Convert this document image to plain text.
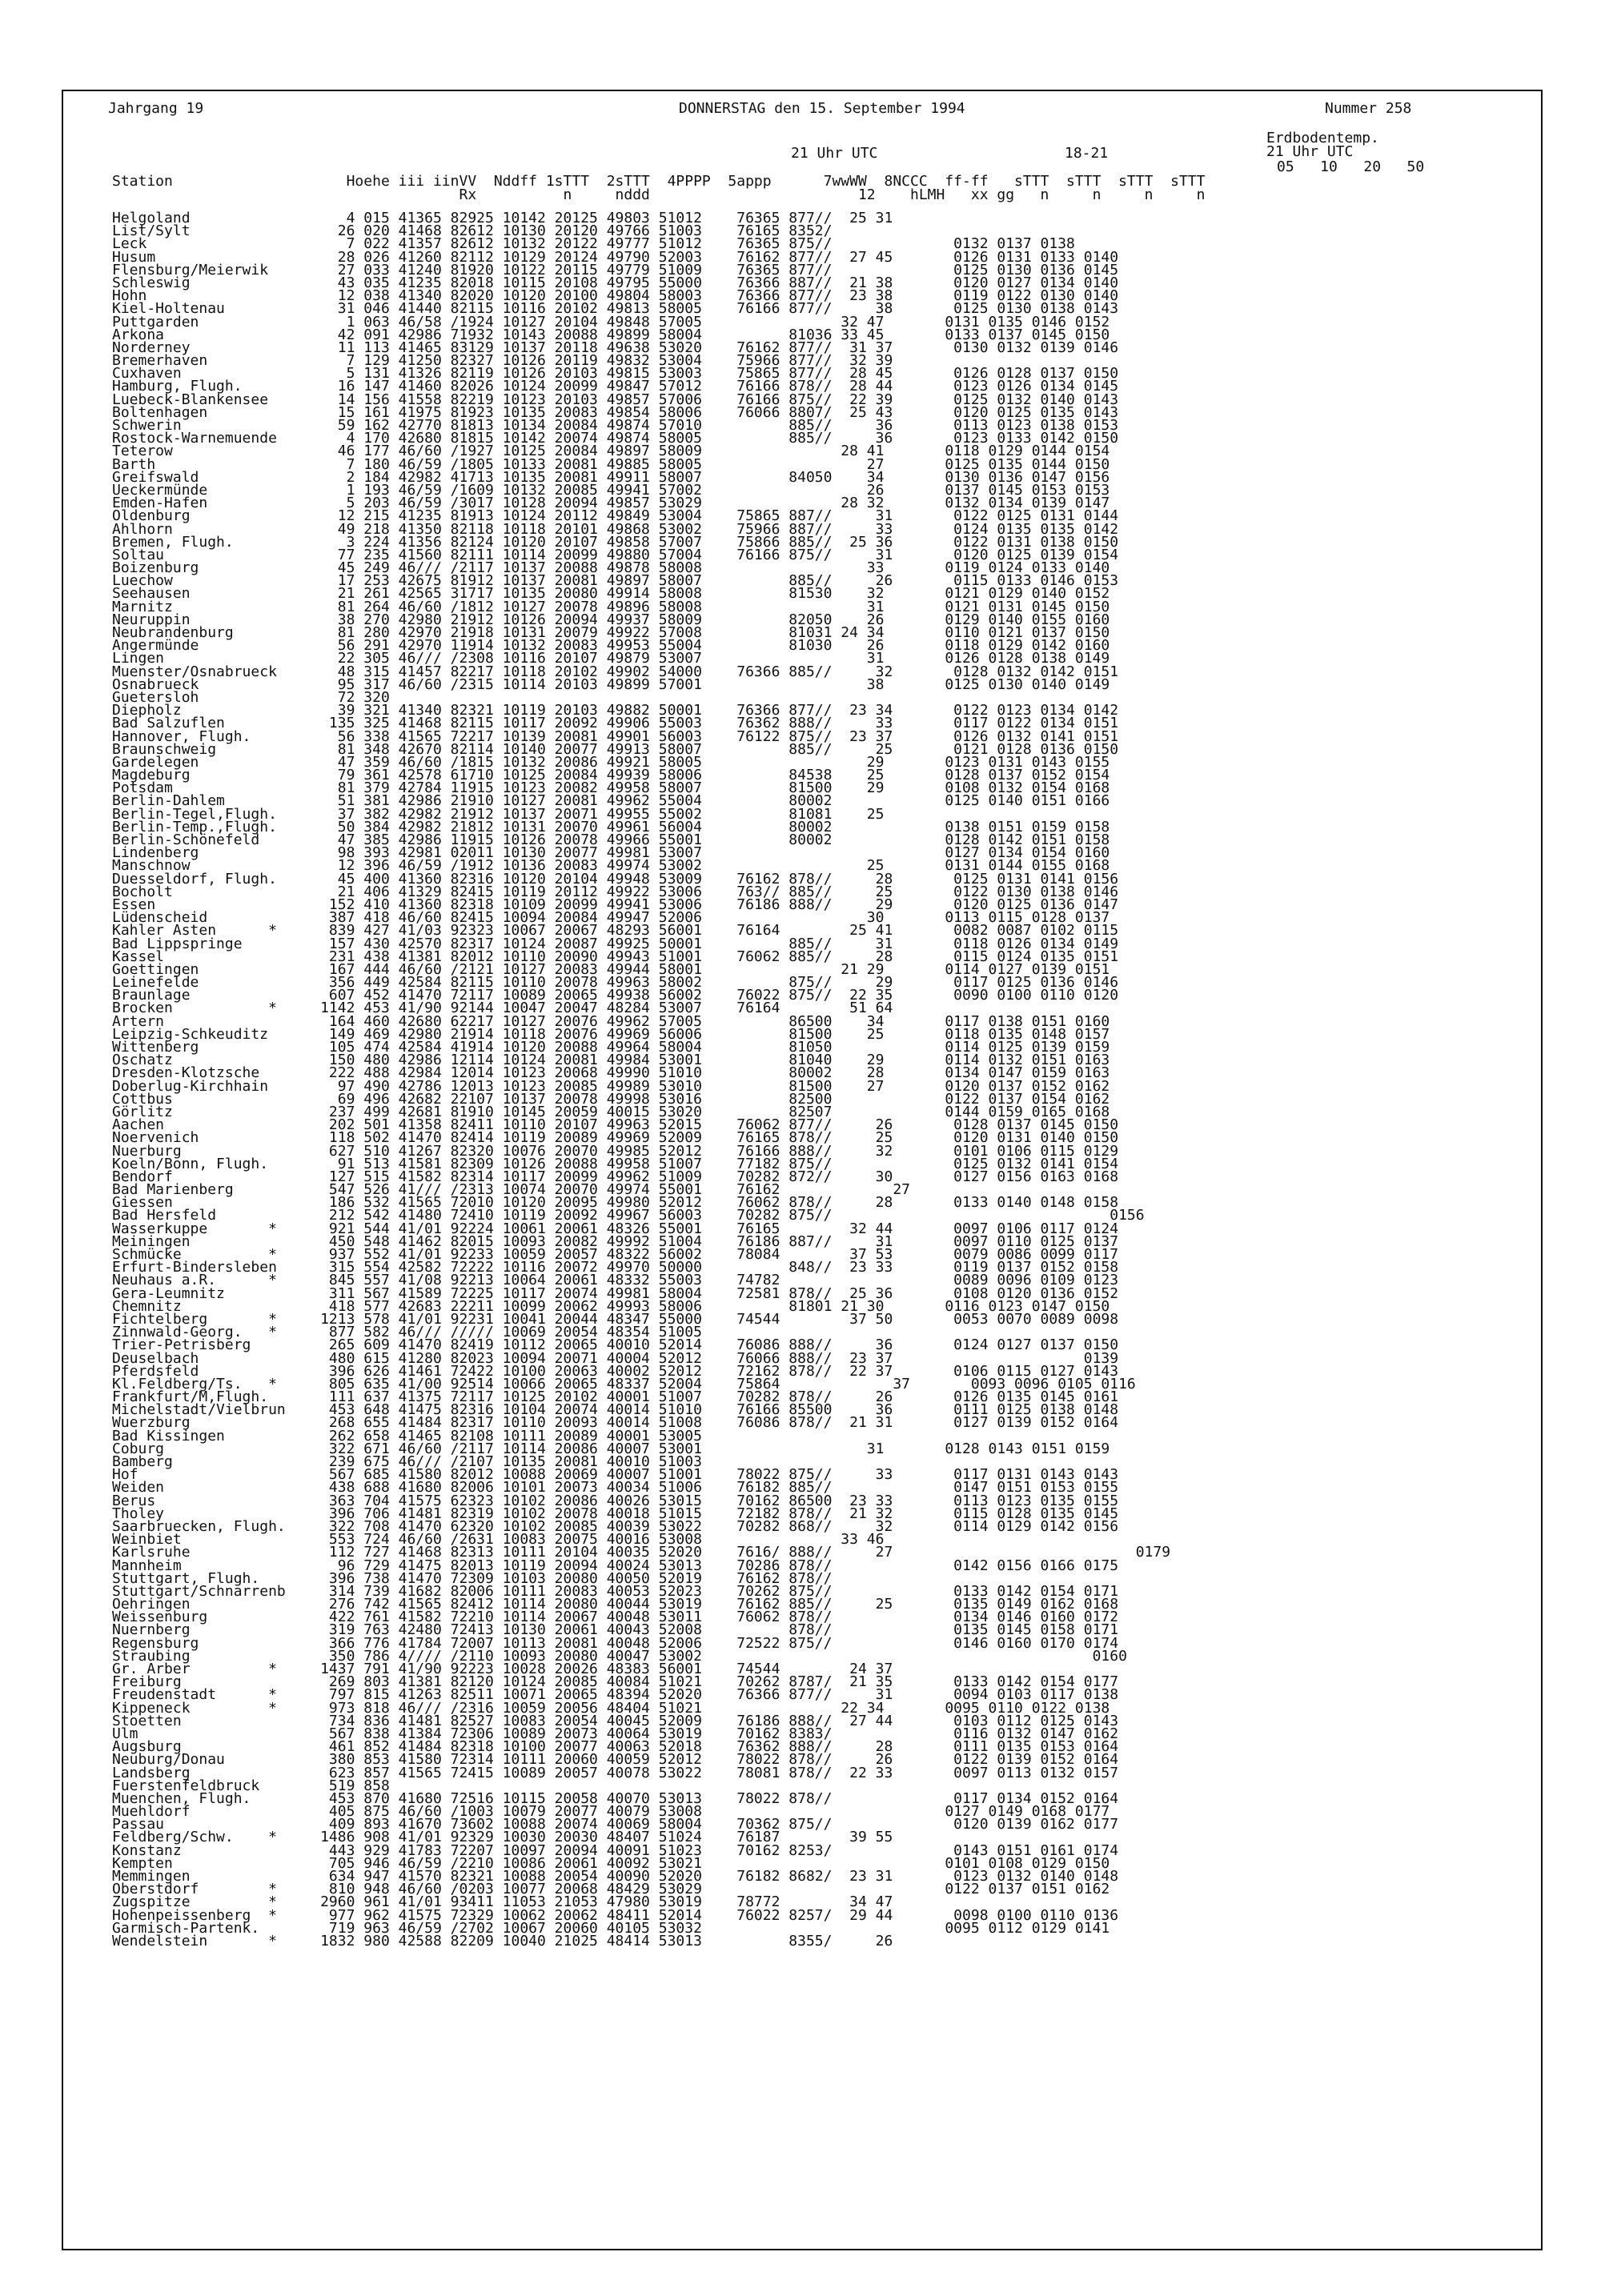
Jahrgang 19	DONNERSTAG den 15. September 1994	Nummer 258
Erdbodentemp.
21 Uhr UTC
21 Uhr UTC	18-21
05   10   20   50
Station                    Hoehe iii iinVV  Nddff 1sTTT  2sTTT  4PPPP  5appp      7wwWW  8NCCC  ff-ff   sTTT  sTTT  sTTT  sTTT
Rx          n     nddd                        12    hLMH   xx gg   n     n     n     n
Helgoland                  4 015 41365 82925 10142 20125 49803 51012    76365 877//  25 31
List/Sylt                 26 020 41468 82612 10130 20120 49766 51003    76165 8352/
Leck                       7 022 41357 82612 10132 20122 49777 51012    76365 875//              0132 0137 0138
Husum                     28 026 41260 82112 10129 20124 49790 52003    76162 877//  27 45       0126 0131 0133 0140
Flensburg/Meierwik        27 033 41240 81920 10122 20115 49779 51009    76365 877//              0125 0130 0136 0145
Schleswig                 43 035 41235 82018 10115 20108 49795 55000    76366 887//  21 38       0120 0127 0134 0140
Hohn                      12 038 41340 82020 10120 20100 49804 58003    76366 877//  23 38       0119 0122 0130 0140
Kiel-Holtenau             31 046 41440 82115 10116 20102 49813 58005    76166 877//     38       0125 0130 0138 0143
Puttgarden                 1 063 46/58 /1924 10127 20104 49848 57005                32 47       0131 0135 0146 0152
Arkona                    42 091 42986 71932 10143 20088 49899 58004          81036 33 45       0133 0137 0145 0150
Norderney                 11 113 41465 83129 10137 20118 49638 53020    76162 877//  31 37       0130 0132 0139 0146
Bremerhaven                7 129 41250 82327 10126 20119 49832 53004    75966 877//  32 39
Cuxhaven                   5 131 41326 82119 10126 20103 49815 53003    75865 877//  28 45       0126 0128 0137 0150
Hamburg, Flugh.           16 147 41460 82026 10124 20099 49847 57012    76166 878//  28 44       0123 0126 0134 0145
Luebeck-Blankensee        14 156 41558 82219 10123 20103 49857 57006    76166 875//  22 39       0125 0132 0140 0143
Boltenhagen               15 161 41975 81923 10135 20083 49854 58006    76066 8807/  25 43       0120 0125 0135 0143
Schwerin                  59 162 42770 81813 10134 20084 49874 57010          885//     36       0113 0123 0138 0153
Rostock-Warnemuende        4 170 42680 81815 10142 20074 49874 58005          885//     36       0123 0133 0142 0150
Teterow                   46 177 46/60 /1927 10125 20084 49897 58009                28 41       0118 0129 0144 0154
Barth                      7 180 46/59 /1805 10133 20081 49885 58005                   27       0125 0135 0144 0150
Greifswald                 2 184 42982 41713 10135 20081 49911 58007          84050    34       0130 0136 0147 0156
Ueckermünde                1 193 46/59 /1609 10132 20085 49941 57002                   26       0137 0145 0153 0153
Emden-Hafen                5 203 46/59 /3017 10128 20094 49857 53029                28 32       0132 0134 0139 0147
Oldenburg                 12 215 41235 81913 10124 20112 49849 53004    75865 887//     31       0122 0125 0131 0144
Ahlhorn                   49 218 41350 82118 10118 20101 49868 53002    75966 887//     33       0124 0135 0135 0142
Bremen, Flugh.             3 224 41356 82124 10120 20107 49858 57007    75866 885//  25 36       0122 0131 0138 0150
Soltau                    77 235 41560 82111 10114 20099 49880 57004    76166 875//     31       0120 0125 0139 0154
Boizenburg                45 249 46/// /2117 10137 20088 49878 58008                   33       0119 0124 0133 0140
Luechow                   17 253 42675 81912 10137 20081 49897 58007          885//     26       0115 0133 0146 0153
Seehausen                 21 261 42565 31717 10135 20080 49914 58008          81530    32       0121 0129 0140 0152
Marnitz                   81 264 46/60 /1812 10127 20078 49896 58008                   31       0121 0131 0145 0150
Neuruppin                 38 270 42980 21912 10126 20094 49937 58009          82050    26       0129 0140 0155 0160
Neubrandenburg            81 280 42970 21918 10131 20079 49922 57008          81031 24 34       0110 0121 0137 0150
Angermünde                56 291 42970 11914 10132 20083 49953 55004          81030    26       0118 0129 0142 0160
Lingen                    22 305 46/// /2308 10116 20107 49879 53007                   31       0126 0128 0138 0149
Muenster/Osnabrueck       48 315 41457 82217 10118 20102 49902 54000    76366 885//     32       0128 0132 0142 0151
Osnabrueck                95 317 46/60 /2315 10114 20103 49899 57001                   38       0125 0130 0140 0149
Guetersloh                72 320
Diepholz                  39 321 41340 82321 10119 20103 49882 50001    76366 877//  23 34       0122 0123 0134 0142
Bad Salzuflen            135 325 41468 82115 10117 20092 49906 55003    76362 888//     33       0117 0122 0134 0151
Hannover, Flugh.          56 338 41565 72217 10139 20081 49901 56003    76122 875//  23 37       0126 0132 0141 0151
Braunschweig              81 348 42670 82114 10140 20077 49913 58007          885//     25       0121 0128 0136 0150
Gardelegen                47 359 46/60 /1815 10132 20086 49921 58005                   29       0123 0131 0143 0155
Magdeburg                 79 361 42578 61710 10125 20084 49939 58006          84538    25       0128 0137 0152 0154
Potsdam                   81 379 42784 11915 10123 20082 49958 58007          81500    29       0108 0132 0154 0168
Berlin-Dahlem             51 381 42986 21910 10127 20081 49962 55004          80002             0125 0140 0151 0166
Berlin-Tegel,Flugh.       37 382 42982 21912 10137 20071 49955 55002          81081    25
Berlin-Temp.,Flugh.       50 384 42982 21812 10131 20070 49961 56004          80002             0138 0151 0159 0158
Berlin-Schönefeld         47 385 42986 11915 10126 20078 49966 55001          80002             0128 0142 0151 0158
Lindenberg                98 393 42981 02011 10130 20077 49981 53007                            0127 0134 0154 0160
Manschnow                 12 396 46/59 /1912 10136 20083 49974 53002                   25       0131 0144 0155 0168
Duesseldorf, Flugh.       45 400 41360 82316 10120 20104 49948 53009    76162 878//     28       0125 0131 0141 0156
Bocholt                   21 406 41329 82415 10119 20112 49922 53006    763// 885//     25       0122 0130 0138 0146
Essen                    152 410 41360 82318 10109 20099 49941 53006    76186 888//     29       0120 0125 0136 0147
Lüdenscheid              387 418 46/60 82415 10094 20084 49947 52006                   30       0113 0115 0128 0137
Kahler Asten      *      839 427 41/03 92323 10067 20067 48293 56001    76164        25 41       0082 0087 0102 0115
Bad Lippspringe          157 430 42570 82317 10124 20087 49925 50001          885//     31       0118 0126 0134 0149
Kassel                   231 438 41381 82012 10110 20090 49943 51001    76062 885//     28       0115 0124 0135 0151
Goettingen               167 444 46/60 /2121 10127 20083 49944 58001                21 29       0114 0127 0139 0151
Leinefelde               356 449 42584 82115 10110 20078 49963 58002          875//     29       0117 0125 0136 0146
Braunlage                607 452 41470 72117 10089 20065 49938 56002    76022 875//  22 35       0090 0100 0110 0120
Brocken           *     1142 453 41/90 92144 10047 20047 48284 53007    76164        51 64
Artern                   164 460 42680 62217 10127 20076 49962 57005          86500    34       0117 0138 0151 0160
Leipzig-Schkeuditz       149 469 42980 21914 10118 20076 49969 56006          81500    25       0118 0135 0148 0157
Wittenberg               105 474 42584 41914 10120 20088 49964 58004          81050             0114 0125 0139 0159
Oschatz                  150 480 42986 12114 10124 20081 49984 53001          81040    29       0114 0132 0151 0163
Dresden-Klotzsche        222 488 42984 12014 10123 20068 49990 51010          80002    28       0134 0147 0159 0163
Doberlug-Kirchhain        97 490 42786 12013 10123 20085 49989 53010          81500    27       0120 0137 0152 0162
Cottbus                   69 496 42682 22107 10137 20078 49998 53016          82500             0122 0137 0154 0162
Görlitz                  237 499 42681 81910 10145 20059 40015 53020          82507             0144 0159 0165 0168
Aachen                   202 501 41358 82411 10110 20107 49963 52015    76062 877//     26       0128 0137 0145 0150
Noervenich               118 502 41470 82414 10119 20089 49969 52009    76165 878//     25       0120 0131 0140 0150
Nuerburg                 627 510 41267 82320 10076 20070 49985 52012    76166 888//     32       0101 0106 0115 0129
Koeln/Bonn, Flugh.        91 513 41581 82309 10126 20088 49958 51007    77182 875//              0125 0132 0141 0154
Bendorf                  127 515 41582 82314 10117 20099 49962 51009    70282 872//     30       0127 0156 0163 0168
Bad Marienberg           547 526 41/// /2313 10074 20070 49974 55001    76162             27
Giessen                  186 532 41565 72010 10120 20095 49980 52012    76062 878//     28       0133 0140 0148 0158
Bad Hersfeld             212 542 41480 72410 10119 20092 49967 56003    70282 875//                                0156
Wasserkuppe       *      921 544 41/01 92224 10061 20061 48326 55001    76165        32 44       0097 0106 0117 0124
Meiningen                450 548 41462 82015 10093 20082 49992 51004    76186 887//     31       0097 0110 0125 0137
Schmücke          *      937 552 41/01 92233 10059 20057 48322 56002    78084        37 53       0079 0086 0099 0117
Erfurt-Bindersleben      315 554 42582 72222 10116 20072 49970 50000          848//  23 33       0119 0137 0152 0158
Neuhaus a.R.      *      845 557 41/08 92213 10064 20061 48332 55003    74782                    0089 0096 0109 0123
Gera-Leumnitz            311 567 41589 72225 10117 20074 49981 58004    72581 878//  25 36       0108 0120 0136 0152
Chemnitz                 418 577 42683 22211 10099 20062 49993 58006          81801 21 30       0116 0123 0147 0150
Fichtelberg       *     1213 578 41/01 92231 10041 20044 48347 55000    74544        37 50       0053 0070 0089 0098
Zinnwald-Georg.   *      877 582 46/// ///// 10069 20054 48354 51005
Trier-Petrisberg         265 609 41470 82419 10112 20065 40010 52014    76086 888//     36       0124 0127 0137 0150
Deuselbach               480 615 41280 82023 10094 20071 40004 52012    76066 888//  23 37                      0139
Pferdsfeld               396 626 41461 72422 10100 20063 40002 52012    72162 878//  22 37       0106 0115 0127 0143
Kl.Feldberg/Ts.   *      805 635 41/00 92514 10066 20065 48337 52004    75864             37       0093 0096 0105 0116
Frankfurt/M,Flugh.       111 637 41375 72117 10125 20102 40001 51007    70282 878//     26       0126 0135 0145 0161
Michelstadt/Vielbrun     453 648 41475 82316 10104 20074 40014 51010    76166 85500     36       0111 0125 0138 0148
Wuerzburg                268 655 41484 82317 10110 20093 40014 51008    76086 878//  21 31       0127 0139 0152 0164
Bad Kissingen            262 658 41465 82108 10111 20089 40001 53005
Coburg                   322 671 46/60 /2117 10114 20086 40007 53001                   31       0128 0143 0151 0159
Bamberg                  239 675 46/// /2107 10135 20081 40010 51003
Hof                      567 685 41580 82012 10088 20069 40007 51001    78022 875//     33       0117 0131 0143 0143
Weiden                   438 688 41680 82006 10101 20073 40034 51006    76182 885//              0147 0151 0153 0155
Berus                    363 704 41575 62323 10102 20086 40026 53015    70162 86500  23 33       0113 0123 0135 0155
Tholey                   396 706 41481 82319 10102 20078 40018 51015    72182 878//  21 32       0115 0128 0135 0145
Saarbruecken, Flugh.     322 708 41470 62320 10102 20085 40039 53022    70282 868//     32       0114 0129 0142 0156
Weinbiet                 553 724 46/60 /2631 10083 20075 40016 53008                33 46
Karlsruhe                112 727 41468 82313 10111 20104 40035 52020    7616/ 888//     27                            0179
Mannheim                  96 729 41475 82013 10119 20094 40024 53013    70286 878//              0142 0156 0166 0175
Stuttgart, Flugh.        396 738 41470 72309 10103 20080 40050 52019    76162 878//
Stuttgart/Schnarrenb     314 739 41682 82006 10111 20083 40053 52023    70262 875//              0133 0142 0154 0171
Oehringen                276 742 41565 82412 10114 20080 40044 53019    76162 885//     25       0135 0149 0162 0168
Weissenburg              422 761 41582 72210 10114 20067 40048 53011    76062 878//              0134 0146 0160 0172
Nuernberg                319 763 42480 72413 10130 20061 40043 52008          878//              0135 0145 0158 0171
Regensburg               366 776 41784 72007 10113 20081 40048 52006    72522 875//              0146 0160 0170 0174
Straubing                350 786 4//// /2110 10093 20080 40047 53002                                             0160
Gr. Arber         *     1437 791 41/90 92223 10028 20026 48383 56001    74544        24 37
Freiburg                 269 803 41381 82120 10124 20085 40084 51021    70262 8787/  21 35       0133 0142 0154 0177
Freudenstadt      *      797 815 41263 82511 10071 20065 48394 52020    76366 877//     31       0094 0103 0117 0138
Kippeneck         *      973 818 46/// /2316 10059 20056 48404 51021                22 34       0095 0110 0122 0138
Stoetten                 734 836 41481 82527 10083 20054 40045 52009    76186 888//  27 44       0103 0112 0125 0143
Ulm                      567 838 41384 72306 10089 20073 40064 53019    70162 8383/              0116 0132 0147 0162
Augsburg                 461 852 41484 82318 10100 20077 40063 52018    76362 888//     28       0111 0135 0153 0164
Neuburg/Donau            380 853 41580 72314 10111 20060 40059 52012    78022 878//     26       0122 0139 0152 0164
Landsberg                623 857 41565 72415 10089 20057 40078 53022    78081 878//  22 33       0097 0113 0132 0157
Fuerstenfeldbruck        519 858
Muenchen, Flugh.         453 870 41680 72516 10115 20058 40070 53013    78022 878//              0117 0134 0152 0164
Muehldorf                405 875 46/60 /1003 10079 20077 40079 53008                            0127 0149 0168 0177
Passau                   409 893 41670 73602 10088 20074 40069 58004    70362 875//              0120 0139 0162 0177
Feldberg/Schw.    *     1486 908 41/01 92329 10030 20030 48407 51024    76187        39 55
Konstanz                 443 929 41783 72207 10097 20094 40091 51023    70162 8253/              0143 0151 0161 0174
Kempten                  705 946 46/59 /2210 10086 20061 40092 53021                            0101 0108 0129 0150
Memmingen                634 947 41570 82321 10088 20054 40090 52020    76182 8682/  23 31       0123 0132 0140 0148
Oberstdorf        *      810 948 46/60 /0203 10077 20068 48429 53029                            0122 0137 0151 0162
Zugspitze         *     2960 961 41/01 93411 11053 21053 47980 53019    78772        34 47
Hohenpeissenberg  *      977 962 41575 72329 10062 20062 48411 52014    76022 8257/  29 44       0098 0100 0110 0136
Garmisch-Partenk.        719 963 46/59 /2702 10067 20060 40105 53032                            0095 0112 0129 0141
Wendelstein       *     1832 980 42588 82209 10040 21025 48414 53013          8355/     26
